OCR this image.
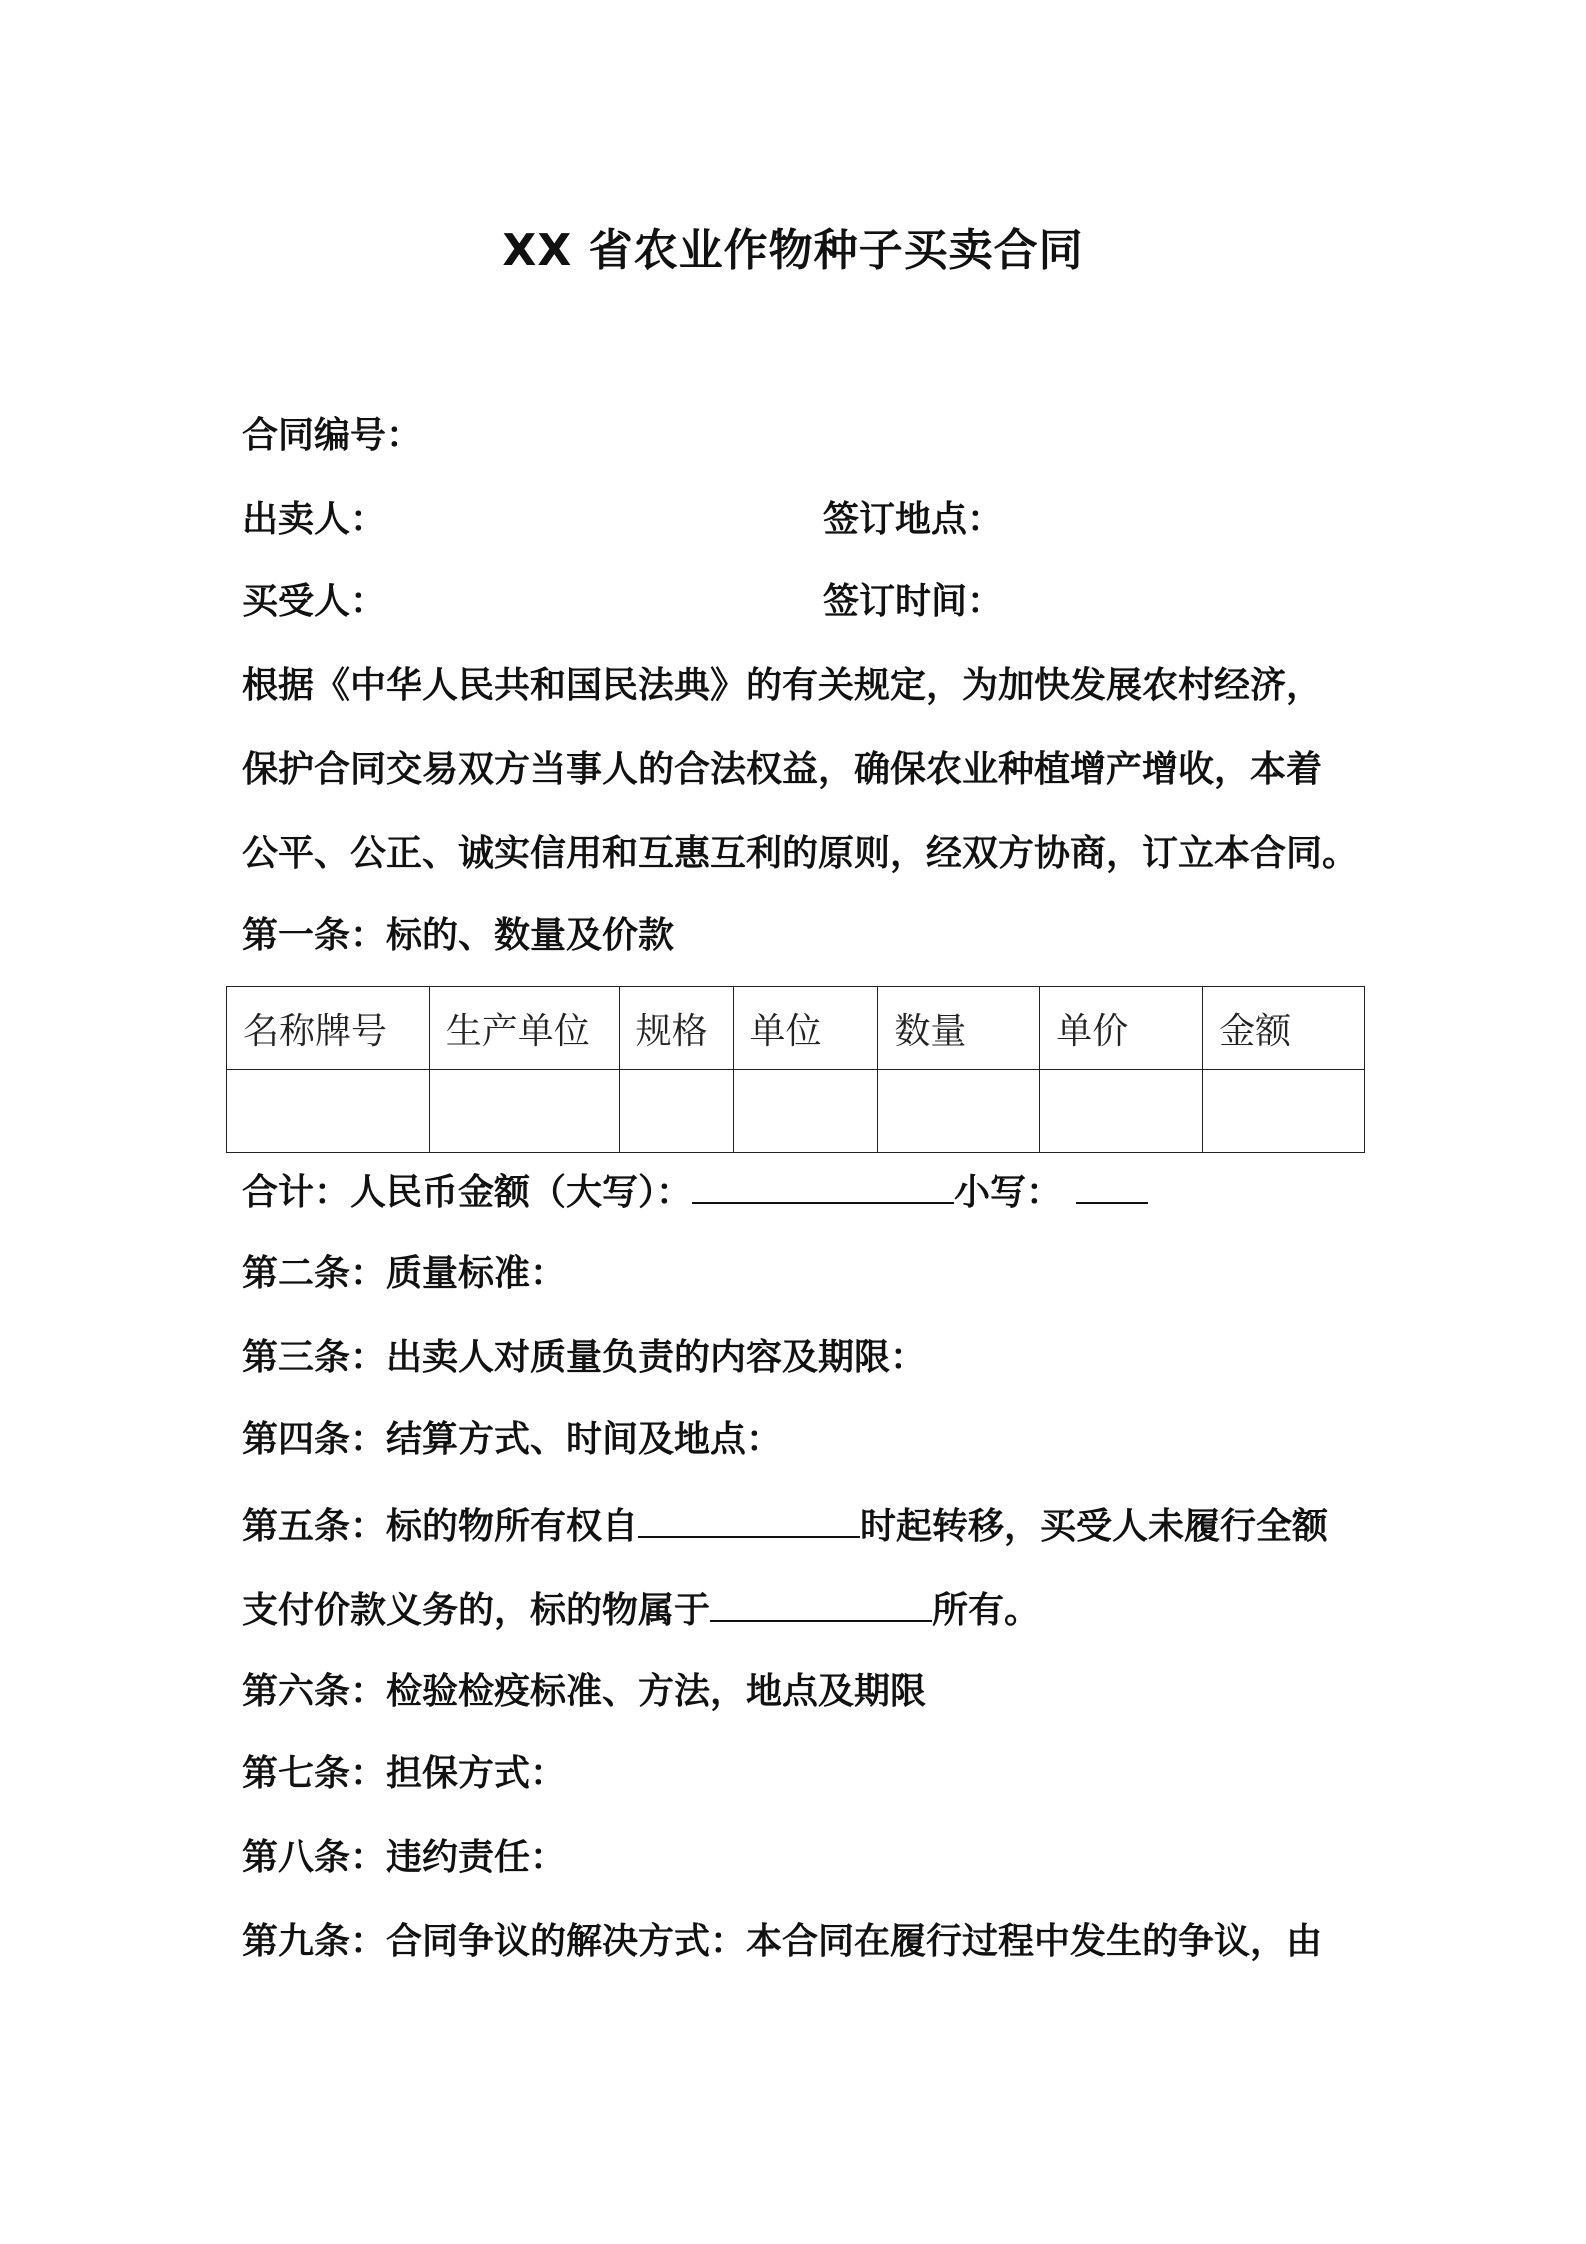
XX 省农业作物种子买卖合同
合同编号：
出卖人：	签订地点：
买受人：	签订时间：
根据《中华人民共和国民法典》的有关规定，为加快发展农村经济，
保护合同交易双方当事人的合法权益，确保农业种植增产增收，本着
公平、公正、诚实信用和互惠互利的原则，经双方协商，订立本合同。
第一条：标的、数量及价款
名称牌号	生产单位	规格	单位	数量	单价	金额

合计：人民币金额（大写）：	小写：
第二条：质量标准：
第三条：出卖人对质量负责的内容及期限：
第四条：结算方式、时间及地点：
第五条：标的物所有权自	时起转移，买受人未履行全额
支付价款义务的，标的物属于	所有。
第六条：检验检疫标准、方法，地点及期限
第七条：担保方式：
第八条：违约责任：
第九条：合同争议的解决方式：本合同在履行过程中发生的争议，由
